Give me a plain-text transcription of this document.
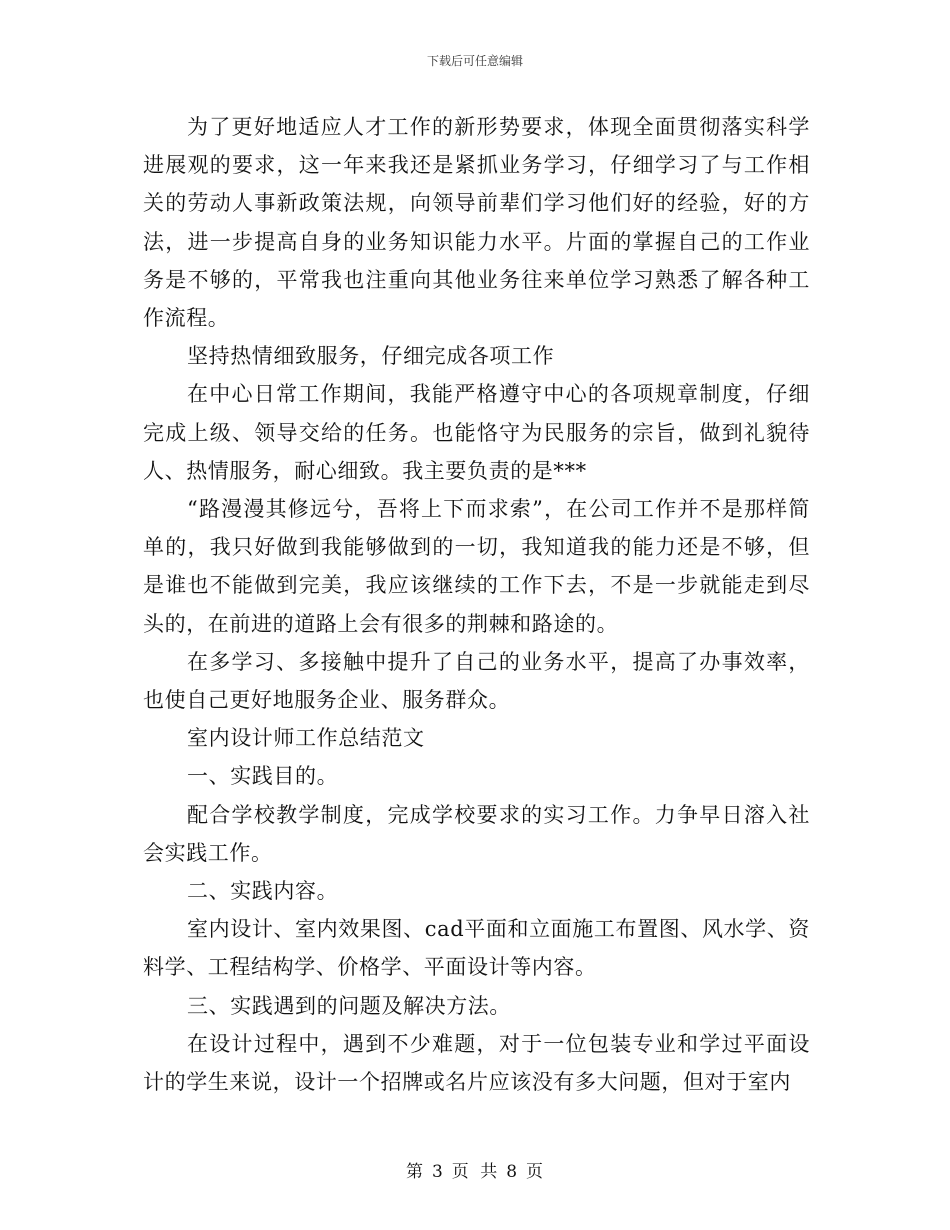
下载后可任意编辑

为了更好地适应人才工作的新形势要求，体现全面贯彻落实科学进展观的要求，这一年来我还是紧抓业务学习，仔细学习了与工作相关的劳动人事新政策法规，向领导前辈们学习他们好的经验，好的方法，进一步提高自身的业务知识能力水平。片面的掌握自己的工作业务是不够的，平常我也注重向其他业务往来单位学习熟悉了解各种工作流程。

坚持热情细致服务，仔细完成各项工作

在中心日常工作期间，我能严格遵守中心的各项规章制度，仔细完成上级、领导交给的任务。也能恪守为民服务的宗旨，做到礼貌待人、热情服务，耐心细致。我主要负责的是***

“路漫漫其修远兮，吾将上下而求索”，在公司工作并不是那样简单的，我只好做到我能够做到的一切，我知道我的能力还是不够，但是谁也不能做到完美，我应该继续的工作下去，不是一步就能走到尽头的，在前进的道路上会有很多的荆棘和路途的。

在多学习、多接触中提升了自己的业务水平，提高了办事效率，也使自己更好地服务企业、服务群众。

室内设计师工作总结范文

一、实践目的。

配合学校教学制度，完成学校要求的实习工作。力争早日溶入社会实践工作。

二、实践内容。

室内设计、室内效果图、cad平面和立面施工布置图、风水学、资料学、工程结构学、价格学、平面设计等内容。

三、实践遇到的问题及解决方法。

在设计过程中，遇到不少难题，对于一位包装专业和学过平面设计的学生来说，设计一个招牌或名片应该没有多大问题，但对于室内

第 3 页 共 8 页
